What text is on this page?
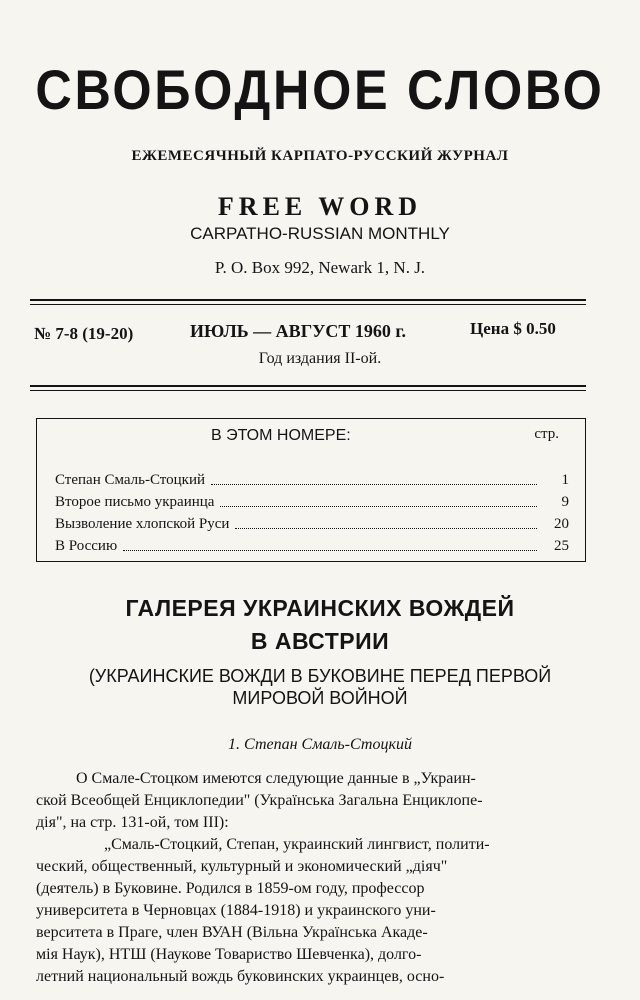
СВОБОДНОЕ СЛОВО
ЕЖЕМЕСЯЧНЫЙ КАРПАТО-РУССКИЙ ЖУРНАЛ
FREE WORD
CARPATHO-RUSSIAN MONTHLY
P. O. Box 992, Newark 1, N. J.
№ 7-8 (19-20)	ИЮЛЬ — АВГУСТ 1960 г.	Цена $ 0.50
Год издания II-ой.
В ЭТОМ НОМЕРЕ:	стр.
Степан Смаль-Стоцкий	1
Второе письмо украинца	9
Вызволение хлопской Руси	20
В Россию	25
ГАЛЕРЕЯ УКРАИНСКИХ ВОЖДЕЙ
В АВСТРИИ
(УКРАИНСКИЕ ВОЖДИ В БУКОВИНЕ ПЕРЕД ПЕРВОЙ
МИРОВОЙ ВОЙНОЙ
1. Степан Смаль-Стоцкий
О Смале-Стоцком имеются следующие данные в „Украин-
ской Всеобщей Енциклопедии" (Українська Загальна Енциклопе-
дія", на стр. 131-ой, том III):
„Смаль-Стоцкий, Степан, украинский лингвист, полити-
ческий, общественный, культурный и экономический „діяч"
(деятель) в Буковине. Родился в 1859-ом году, профессор
университета в Черновцах (1884-1918) и украинского уни-
верситета в Праге, член ВУАН (Вільна Українська Акаде-
мія Наук), НТШ (Наукове Товариство Шевченка), долго-
летний национальный вождь буковинских украинцев, осно-
